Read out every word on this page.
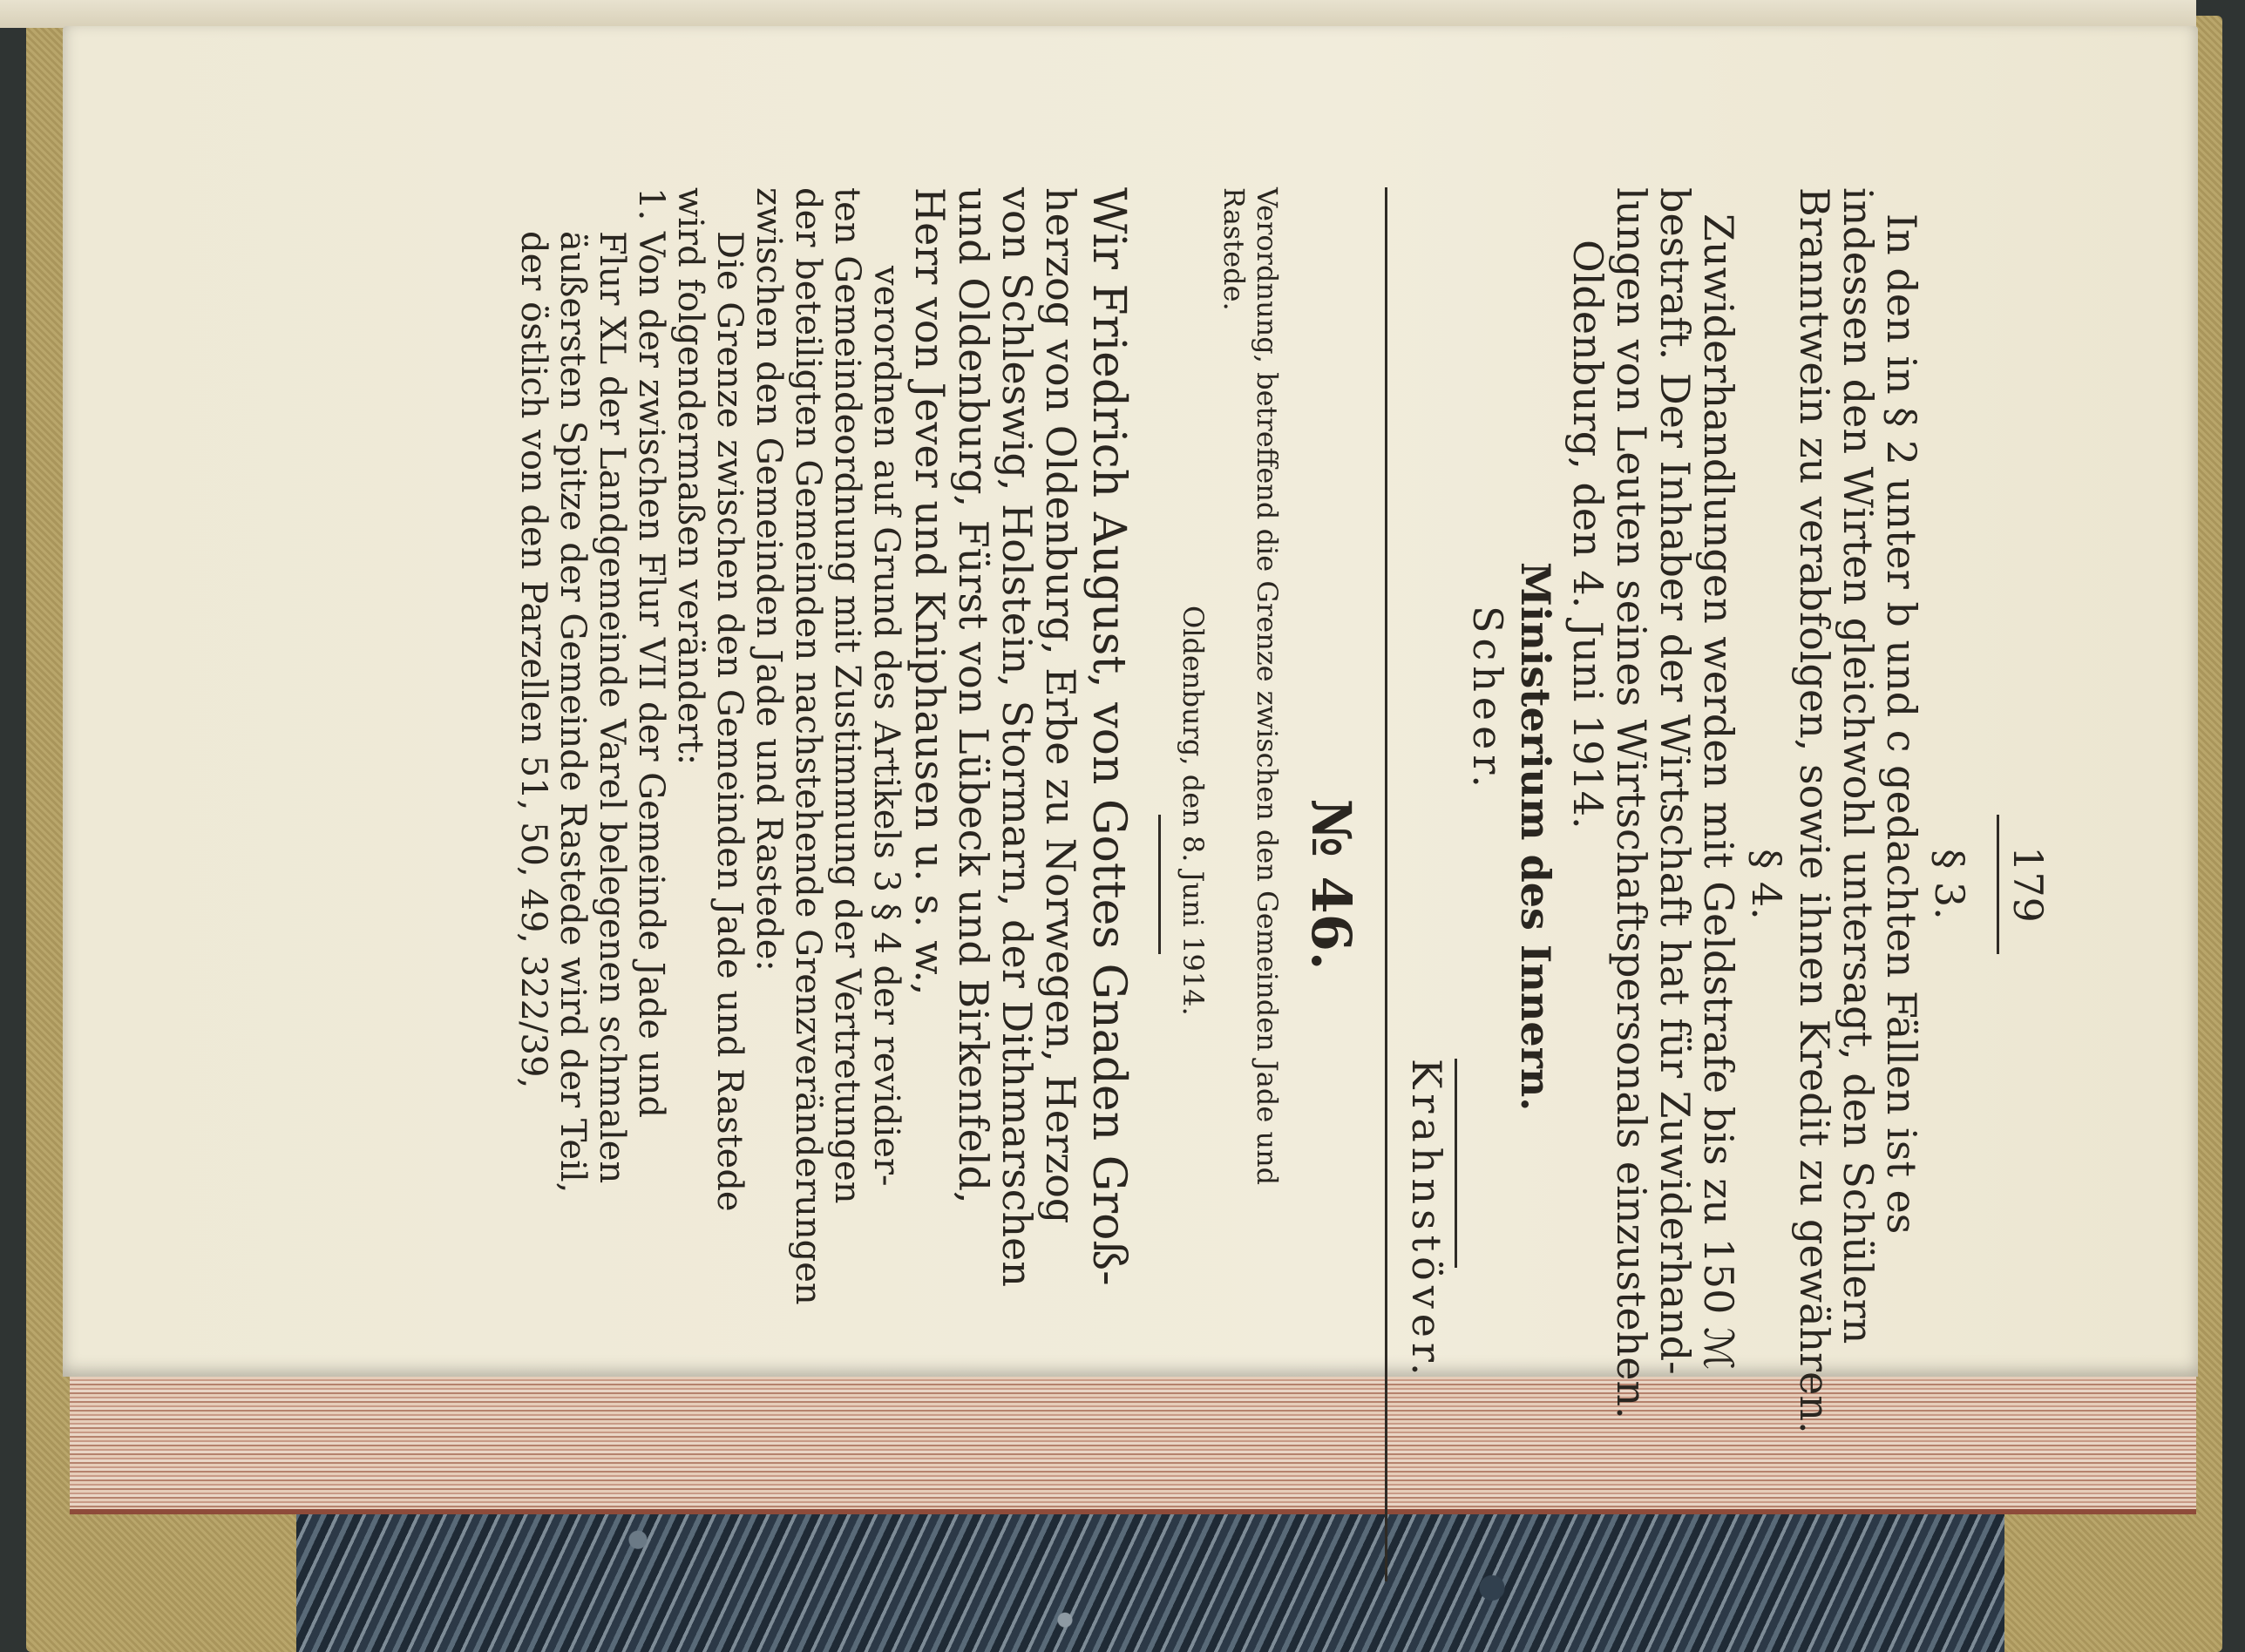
179
§ 3.
In den in § 2 unter b und c gedachten Fällen ist es
indessen den Wirten gleichwohl untersagt, den Schülern
Branntwein zu verabfolgen, sowie ihnen Kredit zu gewähren.
§ 4.
Zuwiderhandlungen werden mit Geldstrafe bis zu 150 ℳ
bestraft. Der Inhaber der Wirtschaft hat für Zuwiderhand-
lungen von Leuten seines Wirtschaftspersonals einzustehen.
Oldenburg, den 4. Juni 1914.
Ministerium des Innern.
Scheer.
Krahnstöver.
№ 46.
Verordnung, betreffend die Grenze zwischen den Gemeinden Jade und
Rastede.
Oldenburg, den 8. Juni 1914.
Wir Friedrich August, von Gottes Gnaden Groß-
herzog von Oldenburg, Erbe zu Norwegen, Herzog
von Schleswig, Holstein, Stormarn, der Dithmarschen
und Oldenburg, Fürst von Lübeck und Birkenfeld,
Herr von Jever und Kniphausen u. s. w.,
verordnen auf Grund des Artikels 3 § 4 der revidier-
ten Gemeindeordnung mit Zustimmung der Vertretungen
der beteiligten Gemeinden nachstehende Grenzveränderungen
zwischen den Gemeinden Jade und Rastede:
Die Grenze zwischen den Gemeinden Jade und Rastede
wird folgendermaßen verändert:
1. Von der zwischen Flur VII der Gemeinde Jade und
Flur XL der Landgemeinde Varel belegenen schmalen
äußersten Spitze der Gemeinde Rastede wird der Teil,
der östlich von den Parzellen 51, 50, 49, 322/39,
